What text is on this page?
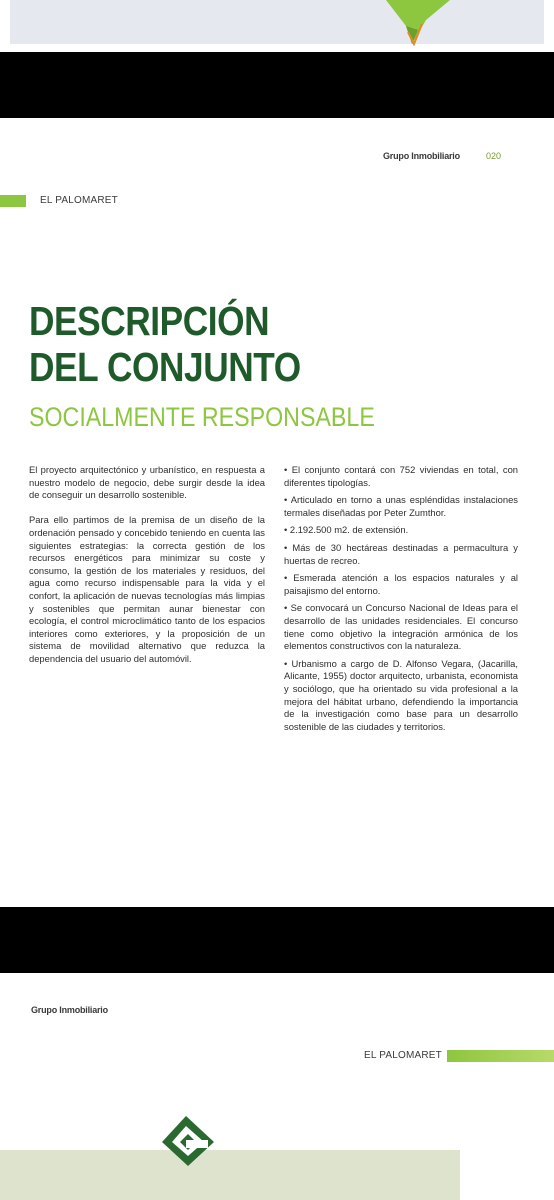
Grupo Inmobiliario	020
EL PALOMARET
DESCRIPCIÓN
DEL CONJUNTO
SOCIALMENTE RESPONSABLE

El proyecto arquitectónico y urbanístico, en respuesta a nuestro modelo de negocio, debe surgir desde la idea de conseguir un desarrollo sostenible.

Para ello partimos de la premisa de un diseño de la ordenación pensado y concebido teniendo en cuenta las siguientes estrategias: la correcta gestión de los recursos energéticos para minimizar su coste y consumo, la gestión de los materiales y residuos, del agua como recurso indispensable para la vida y el confort, la aplicación de nuevas tecnologías más limpias y sostenibles que permitan aunar bienestar con ecología, el control microclimático tanto de los espacios interiores como exteriores, y la proposición de un sistema de movilidad alternativo que reduzca la dependencia del usuario del automóvil.

• El conjunto contará con 752 viviendas en total, con diferentes tipologías.

• Articulado en torno a unas espléndidas instalaciones termales diseñadas por Peter Zumthor.

• 2.192.500 m2. de extensión.

• Más de 30 hectáreas destinadas a permacultura y huertas de recreo.

• Esmerada atención a los espacios naturales y al paisajismo del entorno.

• Se convocará un Concurso Nacional de Ideas para el desarrollo de las unidades residenciales. El concurso tiene como objetivo la integración armónica de los elementos constructivos con la naturaleza.

• Urbanismo a cargo de D. Alfonso Vegara, (Jacarilla, Alicante, 1955) doctor arquitecto, urbanista, economista y sociólogo, que ha orientado su vida profesional a la mejora del hábitat urbano, defendiendo la importancia de la investigación como base para un desarrollo sostenible de las ciudades y territorios.

Grupo Inmobiliario
EL PALOMARET
